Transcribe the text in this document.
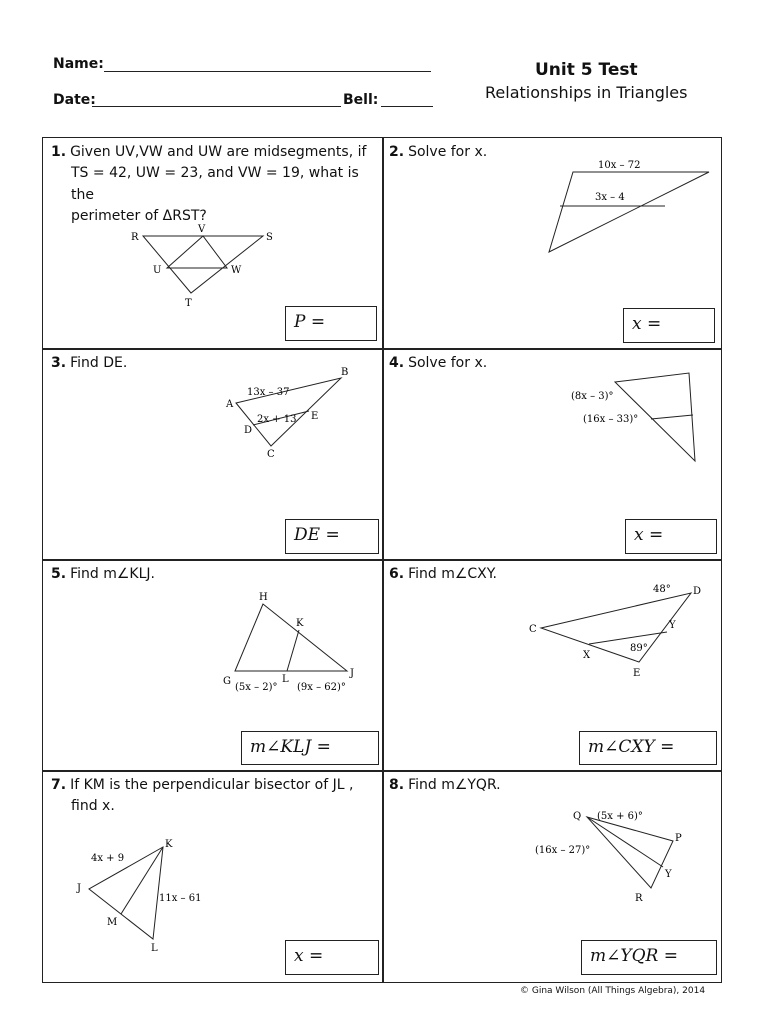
Name:
Date:	Bell:
Unit 5 Test
Relationships in Triangles
1. Given UV,VW and UW are midsegments, if
TS = 42, UW = 23, and VW = 19, what is the
perimeter of ΔRST?
R
V
S
U	W
T
P =
2. Solve for x.
10x – 72
3x – 4
x =
3. Find DE.
B
A
D
E
C
13x – 37
2x + 13
DE =
4. Solve for x.
(8x – 3)°
(16x – 33)°
x =
5. Find m∠KLJ.
H
K
G	L
J
(5x – 2)° (9x – 62)°
m∠KLJ =
6. Find m∠CXY.
C
D
X
Y
E
48°
89°
m∠CXY =
7. If KM is the perpendicular bisector of JL ,
find x.
K
J
M
L
4x + 9
11x – 61
x =
8. Find m∠YQR.
Q
P
Y
R
(5x + 6)°
(16x – 27)°
m∠YQR =
© Gina Wilson (All Things Algebra), 2014
